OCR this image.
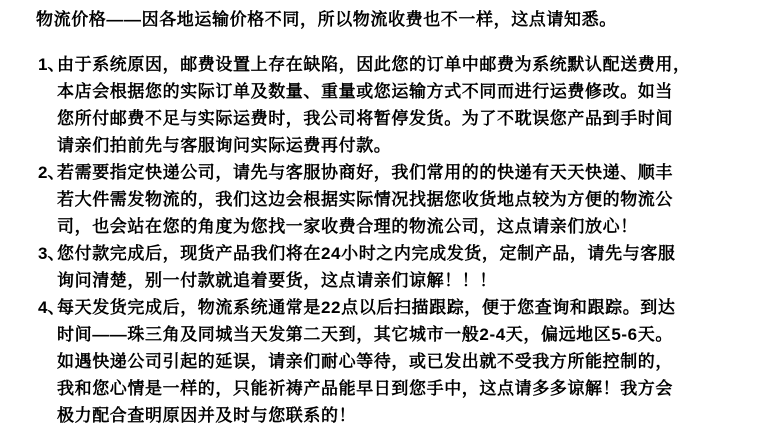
物流价格——因各地运输价格不同，所以物流收费也不一样，这点请知悉。
1、
由于系统原因，邮费设置上存在缺陷，因此您的订单中邮费为系统默认配送费用，
本店会根据您的实际订单及数量、重量或您运输方式不同而进行运费修改。如当
您所付邮费不足与实际运费时，我公司将暂停发货。为了不耽误您产品到手时间
请亲们拍前先与客服询问实际运费再付款。
2、
若需要指定快递公司，请先与客服协商好，我们常用的的快递有天天快递、顺丰
若大件需发物流的，我们这边会根据实际情况找据您收货地点较为方便的物流公
司，也会站在您的角度为您找一家收费合理的物流公司，这点请亲们放心！
3、
您付款完成后，现货产品我们将在24小时之内完成发货，定制产品，请先与客服
询问清楚，别一付款就追着要货，这点请亲们谅解！！！
4、
每天发货完成后，物流系统通常是22点以后扫描跟踪，便于您查询和跟踪。到达
时间——珠三角及同城当天发第二天到，其它城市一般2-4天，偏远地区5-6天。
如遇快递公司引起的延误，请亲们耐心等待，或已发出就不受我方所能控制的，
我和您心情是一样的，只能祈祷产品能早日到您手中，这点请多多谅解！我方会
极力配合查明原因并及时与您联系的！
